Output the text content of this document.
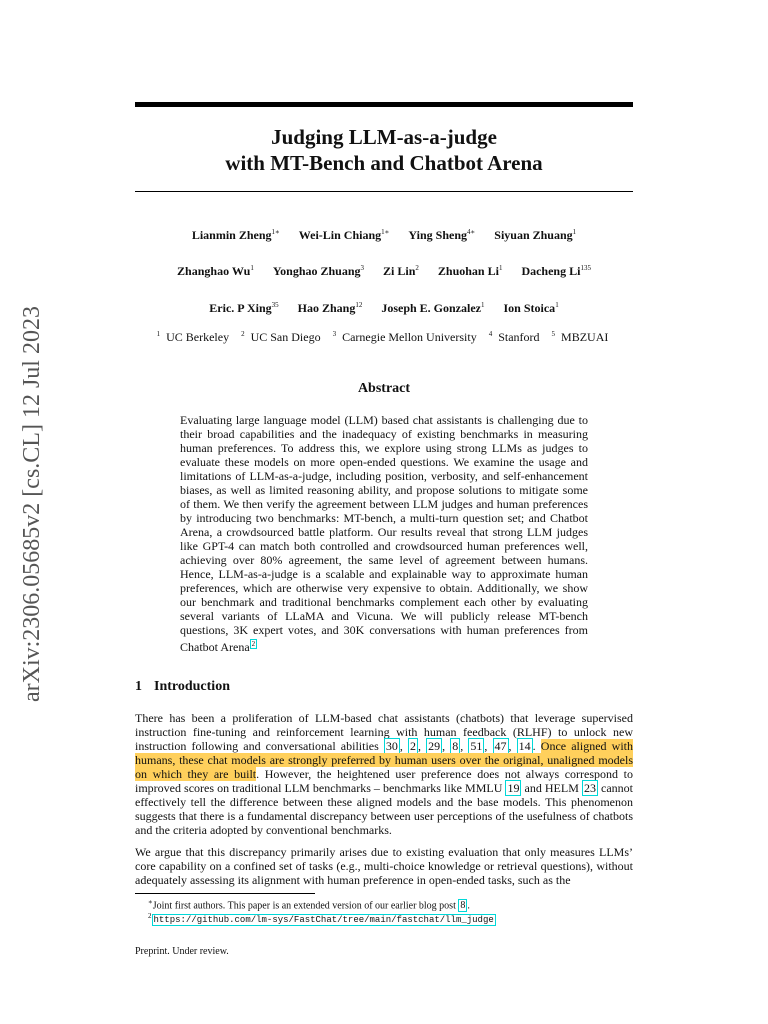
arXiv:2306.05685v2 [cs.CL] 12 Jul 2023
Judging LLM-as-a-judge
with MT-Bench and Chatbot Arena
Lianmin Zheng$^{1∗}$ Wei-Lin Chiang$^{1∗}$ Ying Sheng$^{4∗}$ Siyuan Zhuang$^1$
Zhanghao Wu$^1$ Yonghao Zhuang$^3$ Zi Lin$^2$ Zhuohan Li$^1$ Dacheng Li$^{135}$
Eric. P Xing$^{35}$ Hao Zhang$^{12}$ Joseph E. Gonzalez$^1$ Ion Stoica$^1$
$^1$ UC Berkeley $^2$ UC San Diego $^3$ Carnegie Mellon University $^4$ Stanford $^5$ MBZUAI
Abstract

Evaluating large language model (LLM) based chat assistants is challenging due to their broad capabilities and the inadequacy of existing benchmarks in measuring human preferences. To address this, we explore using strong LLMs as judges to evaluate these models on more open-ended questions. We examine the usage and limitations of LLM-as-a-judge, including position, verbosity, and self-enhancement biases, as well as limited reasoning ability, and propose solutions to mitigate some of them. We then verify the agreement between LLM judges and human preferences by introducing two benchmarks: MT-bench, a multi-turn question set; and Chatbot Arena, a crowdsourced battle platform. Our results reveal that strong LLM judges like GPT-4 can match both controlled and crowdsourced human preferences well, achieving over 80% agreement, the same level of agreement between humans. Hence, LLM-as-a-judge is a scalable and explainable way to approximate human preferences, which are otherwise very expensive to obtain. Additionally, we show our benchmark and traditional benchmarks complement each other by evaluating several variants of LLaMA and Vicuna. We will publicly release MT-bench questions, 3K expert votes, and 30K conversations with human preferences from Chatbot Arena $^2$

1 Introduction

There has been a proliferation of LLM-based chat assistants (chatbots) that leverage supervised instruction fine-tuning and reinforcement learning with human feedback (RLHF) to unlock new instruction following and conversational abilities 30 , 2 , 29 , 8 , 51 , 47 , 14 . Once aligned with humans, these chat models are strongly preferred by human users over the original, unaligned models on which they are built. However, the heightened user preference does not always correspond to improved scores on traditional LLM benchmarks – benchmarks like MMLU 19 and HELM 23 cannot effectively tell the difference between these aligned models and the base models. This phenomenon suggests that there is a fundamental discrepancy between user perceptions of the usefulness of chatbots and the criteria adopted by conventional benchmarks.

We argue that this discrepancy primarily arises due to existing evaluation that only measures LLMs’ core capability on a confined set of tasks (e.g., multi-choice knowledge or retrieval questions), without adequately assessing its alignment with human preference in open-ended tasks, such as the

∗Joint first authors. This paper is an extended version of our earlier blog post 8 .
$^2$ https://github.com/lm-sys/FastChat/tree/main/fastchat/llm_judge
Preprint. Under review.
